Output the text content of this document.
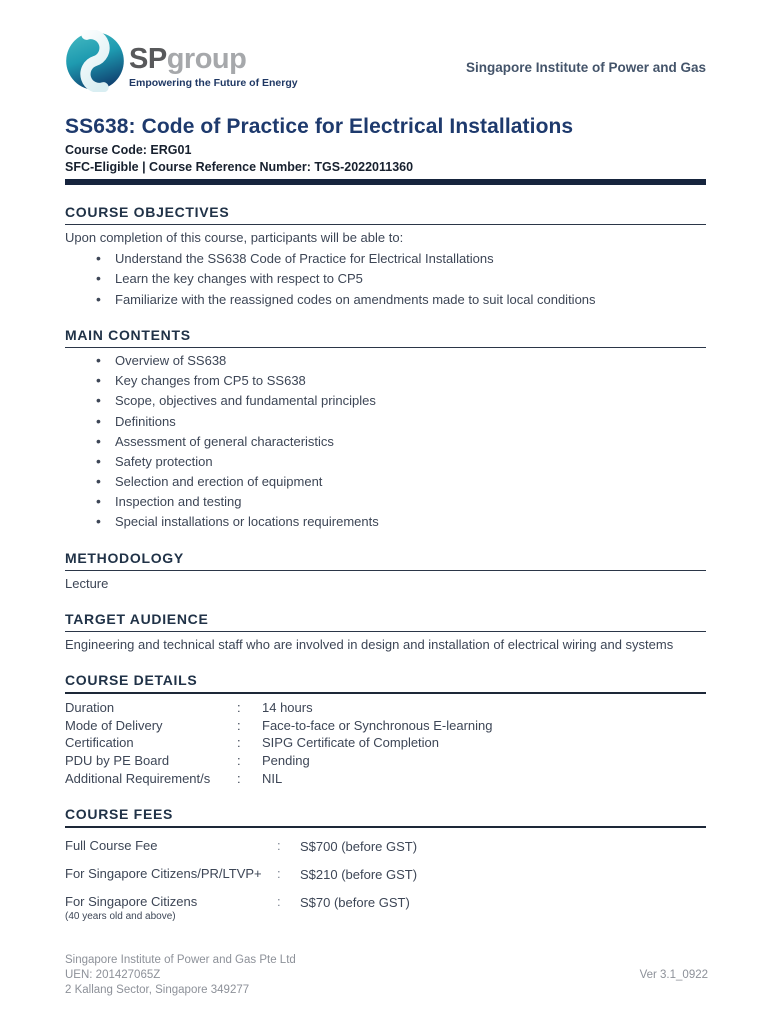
SPgroup
Empowering the Future of Energy
Singapore Institute of Power and Gas
SS638: Code of Practice for Electrical Installations
Course Code: ERG01
SFC-Eligible | Course Reference Number: TGS-2022011360
COURSE OBJECTIVES
Upon completion of this course, participants will be able to:
• Understand the SS638 Code of Practice for Electrical Installations
• Learn the key changes with respect to CP5
• Familiarize with the reassigned codes on amendments made to suit local conditions
MAIN CONTENTS
• Overview of SS638
• Key changes from CP5 to SS638
• Scope, objectives and fundamental principles
• Definitions
• Assessment of general characteristics
• Safety protection
• Selection and erection of equipment
• Inspection and testing
• Special installations or locations requirements
METHODOLOGY
Lecture
TARGET AUDIENCE
Engineering and technical staff who are involved in design and installation of electrical wiring and systems
COURSE DETAILS
Duration	:	14 hours
Mode of Delivery	:	Face-to-face or Synchronous E-learning
Certification	:	SIPG Certificate of Completion
PDU by PE Board	:	Pending
Additional Requirement/s	:	NIL
COURSE FEES
Full Course Fee	:	S$700 (before GST)
For Singapore Citizens/PR/LTVP+	:	S$210 (before GST)
For Singapore Citizens
(40 years old and above)
:	S$70 (before GST)
Singapore Institute of Power and Gas Pte Ltd
UEN: 201427065Z
2 Kallang Sector, Singapore 349277
Ver 3.1_0922
